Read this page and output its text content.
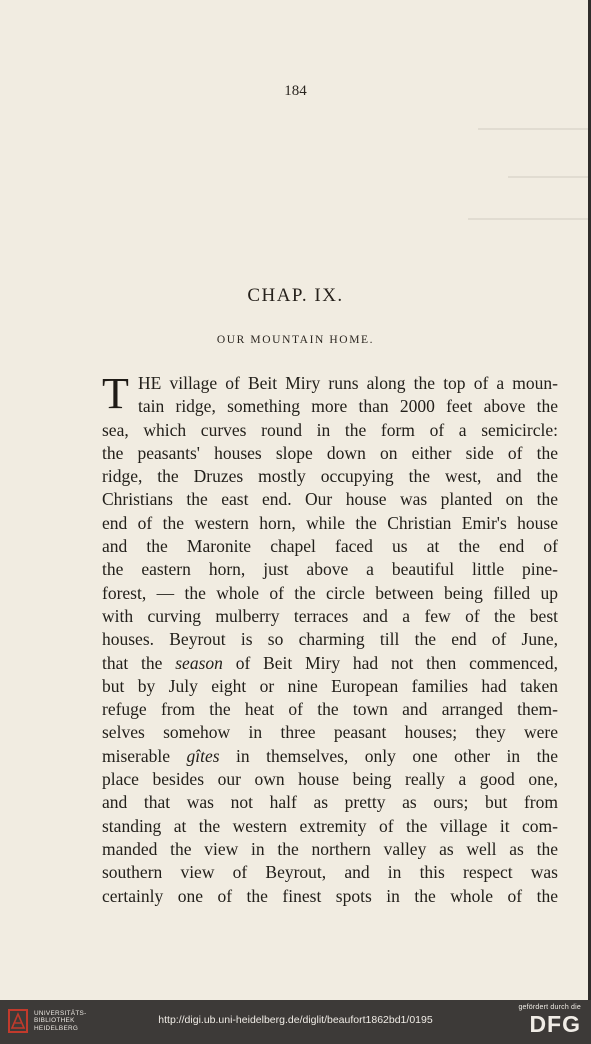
184
CHAP. IX.
OUR MOUNTAIN HOME.
T HE village of Beit Miry runs along the top of a moun-
tain ridge, something more than 2000 feet above the
sea, which curves round in the form of a semicircle:
the peasants' houses slope down on either side of the
ridge, the Druzes mostly occupying the west, and the
Christians the east end. Our house was planted on the
end of the western horn, while the Christian Emir's house
and the Maronite chapel faced us at the end of
the eastern horn, just above a beautiful little pine-
forest, — the whole of the circle between being filled up
with curving mulberry terraces and a few of the best
houses. Beyrout is so charming till the end of June,
that the season of Beit Miry had not then commenced,
but by July eight or nine European families had taken
refuge from the heat of the town and arranged them-
selves somehow in three peasant houses; they were
miserable gîtes in themselves, only one other in the
place besides our own house being really a good one,
and that was not half as pretty as ours; but from
standing at the western extremity of the village it com-
manded the view in the northern valley as well as the
southern view of Beyrout, and in this respect was
certainly one of the finest spots in the whole of the
UNIVERSITÄTS-
BIBLIOTHEK
HEIDELBERG
http://digi.ub.uni-heidelberg.de/diglit/beaufort1862bd1/0195
gefördert durch die
DFG
